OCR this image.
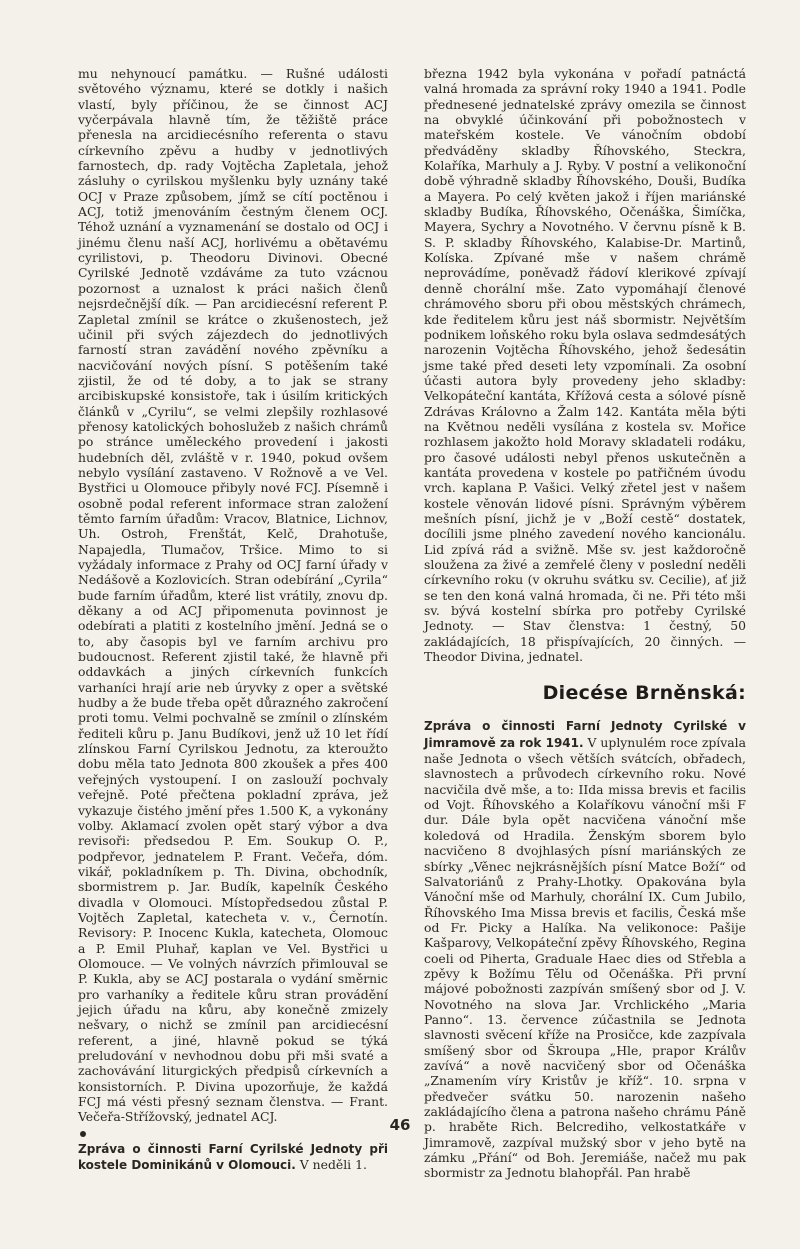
mu nehynoucí památku. — Rušné události světového významu, které se dotkly i našich vlastí, byly příčinou, že se činnost ACJ vyčerpávala hlavně tím, že těžiště práce přenesla na arcidiecésního referenta o stavu církevního zpěvu a hudby v jednotlivých farnostech, dp. rady Vojtěcha Zapletala, jehož zásluhy o cyrilskou myšlenku byly uznány také OCJ v Praze způsobem, jímž se cítí poctěnou i ACJ, totiž jmenováním čestným členem OCJ. Téhož uznání a vyznamenání se dostalo od OCJ i jinému členu naší ACJ, horlivému a obětavému cyrilistovi, p. Theodoru Divinovi. Obecné Cyrilské Jednotě vzdáváme za tuto vzácnou pozornost a uznalost k práci našich členů nejsrdečnější dík. — Pan arcidiecésní referent P. Zapletal zmínil se krátce o zkušenostech, jež učinil při svých zájezdech do jednotlivých farností stran zavádění nového zpěvníku a nacvičování nových písní. S potěšením také zjistil, že od té doby, a to jak se strany arcibiskupské konsistoře, tak i úsilím kritických článků v „Cyrilu“, se velmi zlepšily rozhlasové přenosy katolických bohoslužeb z našich chrámů po stránce uměleckého provedení i jakosti hudebních děl, zvláště v r. 1940, pokud ovšem nebylo vysílání zastaveno. V Rožnově a ve Vel. Bystřici u Olomouce přibyly nové FCJ. Písemně i osobně podal referent informace stran založení těmto farním úřadům: Vracov, Blatnice, Lichnov, Uh. Ostroh, Frenštát, Kelč, Drahotuše, Napajedla, Tlumačov, Tršice. Mimo to si vyžádaly informace z Prahy od OCJ farní úřady v Nedášově a Kozlovicích. Stran odebírání „Cyrila“ bude farním úřadům, které list vrátily, znovu dp. děkany a od ACJ připomenuta povinnost je odebírati a platiti z kostelního jmění. Jedná se o to, aby časopis byl ve farním archivu pro budoucnost. Referent zjistil také, že hlavně při oddavkách a jiných církevních funkcích varhaníci hrají arie neb úryvky z oper a světské hudby a že bude třeba opět důrazného zakročení proti tomu. Velmi pochvalně se zmínil o zlínském řediteli kůru p. Janu Budíkovi, jenž už 10 let řídí zlínskou Farní Cyrilskou Jednotu, za kteroužto dobu měla tato Jednota 800 zkoušek a přes 400 veřejných vystoupení. I on zaslouží pochvaly veřejně. Poté přečtena pokladní zpráva, jež vykazuje čistého jmění přes 1.500 K, a vykonány volby. Aklamací zvolen opět starý výbor a dva revisoři: předsedou P. Em. Soukup O. P., podpřevor, jednatelem P. Frant. Večeřa, dóm. vikář, pokladníkem p. Th. Divina, obchodník, sbormistrem p. Jar. Budík, kapelník Českého divadla v Olomouci. Místopředsedou zůstal P. Vojtěch Zapletal, katecheta v. v., Černotín. Revisory: P. Inocenc Kukla, katecheta, Olomouc a P. Emil Pluhař, kaplan ve Vel. Bystřici u Olomouce. — Ve volných návrzích přimlouval se P. Kukla, aby se ACJ postarala o vydání směrnic pro varhaníky a ředitele kůru stran provádění jejich úřadu na kůru, aby konečně zmizely nešvary, o nichž se zmínil pan arcidiecésní referent, a jiné, hlavně pokud se týká preludování v nevhodnou dobu při mši svaté a zachovávání liturgických předpisů církevních a konsistorních. P. Divina upozorňuje, že každá FCJ má vésti přesný seznam členstva. — Frant. Večeřa-Střížovský, jednatel ACJ.

Zpráva o činnosti Farní Cyrilské Jednoty při kostele Dominikánů v Olomouci. V neděli 1.

března 1942 byla vykonána v pořadí patnáctá valná hromada za správní roky 1940 a 1941. Podle přednesené jednatelské zprávy omezila se činnost na obvyklé účinkování při pobožnostech v mateřském kostele. Ve vánočním období předváděny skladby Říhovského, Steckra, Kolaříka, Marhuly a J. Ryby. V postní a velikonoční době výhradně skladby Říhovského, Douši, Budíka a Mayera. Po celý květen jakož i říjen mariánské skladby Budíka, Říhovského, Očenáška, Šimíčka, Mayera, Sychry a Novotného. V červnu písně k B. S. P. skladby Říhovského, Kalabise-Dr. Martinů, Kolíska. Zpívané mše v našem chrámě neprovádíme, poněvadž řádoví klerikové zpívají denně chorální mše. Zato vypomáhají členové chrámového sboru při obou městských chrámech, kde ředitelem kůru jest náš sbormistr. Největším podnikem loňského roku byla oslava sedmdesátých narozenin Vojtěcha Říhovského, jehož šedesátin jsme také před deseti lety vzpomínali. Za osobní účasti autora byly provedeny jeho skladby: Velkopáteční kantáta, Křížová cesta a sólové písně Zdrávas Královno a Žalm 142. Kantáta měla býti na Květnou neděli vysílána z kostela sv. Mořice rozhlasem jakožto hold Moravy skladateli rodáku, pro časové události nebyl přenos uskutečněn a kantáta provedena v kostele po patřičném úvodu vrch. kaplana P. Vašici. Velký zřetel jest v našem kostele věnován lidové písni. Správným výběrem mešních písní, jichž je v „Boží cestě“ dostatek, docílili jsme plného zavedení nového kancionálu. Lid zpívá rád a svižně. Mše sv. jest každoročně sloužena za živé a zemřelé členy v poslední neděli církevního roku (v okruhu svátku sv. Cecilie), ať již se ten den koná valná hromada, či ne. Při této mši sv. bývá kostelní sbírka pro potřeby Cyrilské Jednoty. — Stav členstva: 1 čestný, 50 zakládajících, 18 přispívajících, 20 činných. — Theodor Divina, jednatel.

Diecése Brněnská:

Zpráva o činnosti Farní Jednoty Cyrilské v Jimramově za rok 1941. V uplynulém roce zpívala naše Jednota o všech větších svátcích, obřadech, slavnostech a průvodech církevního roku. Nové nacvičila dvě mše, a to: IIda missa brevis et facilis od Vojt. Říhovského a Kolaříkovu vánoční mši F dur. Dále byla opět nacvičena vánoční mše koledová od Hradila. Ženským sborem bylo nacvičeno 8 dvojhlasých písní mariánských ze sbírky „Věnec nejkrásnějších písní Matce Boží“ od Salvatoriánů z Prahy-Lhotky. Opakována byla Vánoční mše od Marhuly, chorální IX. Cum Jubilo, Říhovského Ima Missa brevis et facilis, Česká mše od Fr. Picky a Halíka. Na velikonoce: Pašije Kašparovy, Velkopáteční zpěvy Říhovského, Regina coeli od Piherta, Graduale Haec dies od Střebla a zpěvy k Božímu Tělu od Očenáška. Při první májové pobožnosti zazpíván smíšený sbor od J. V. Novotného na slova Jar. Vrchlického „Maria Panno“. 13. července zúčastnila se Jednota slavnosti svěcení kříže na Prosičce, kde zazpívala smíšený sbor od Škroupa „Hle, prapor Králův zavívá“ a nově nacvičený sbor od Očenáška „Znamením víry Kristův je kříž“. 10. srpna v předvečer svátku 50. narozenin našeho zakládajícího člena a patrona našeho chrámu Páně p. hraběte Rich. Belcrediho, velkostatkáře v Jimramově, zazpíval mužský sbor v jeho bytě na zámku „Přání“ od Boh. Jeremiáše, načež mu pak sbormistr za Jednotu blahopřál. Pan hrabě

46
